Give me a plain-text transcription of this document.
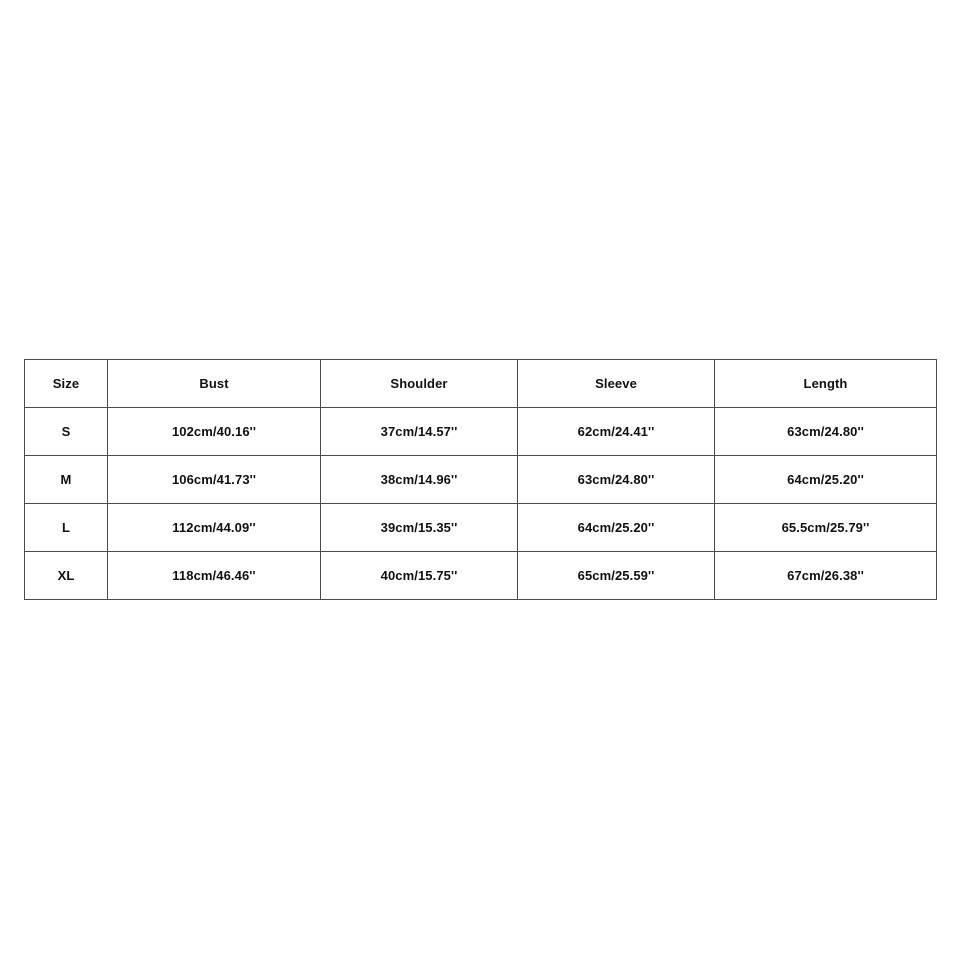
Size	Bust	Shoulder	Sleeve	Length
S	102cm/40.16''	37cm/14.57''	62cm/24.41''	63cm/24.80''
M	106cm/41.73''	38cm/14.96''	63cm/24.80''	64cm/25.20''
L	112cm/44.09''	39cm/15.35''	64cm/25.20''	65.5cm/25.79''
XL	118cm/46.46''	40cm/15.75''	65cm/25.59''	67cm/26.38''
